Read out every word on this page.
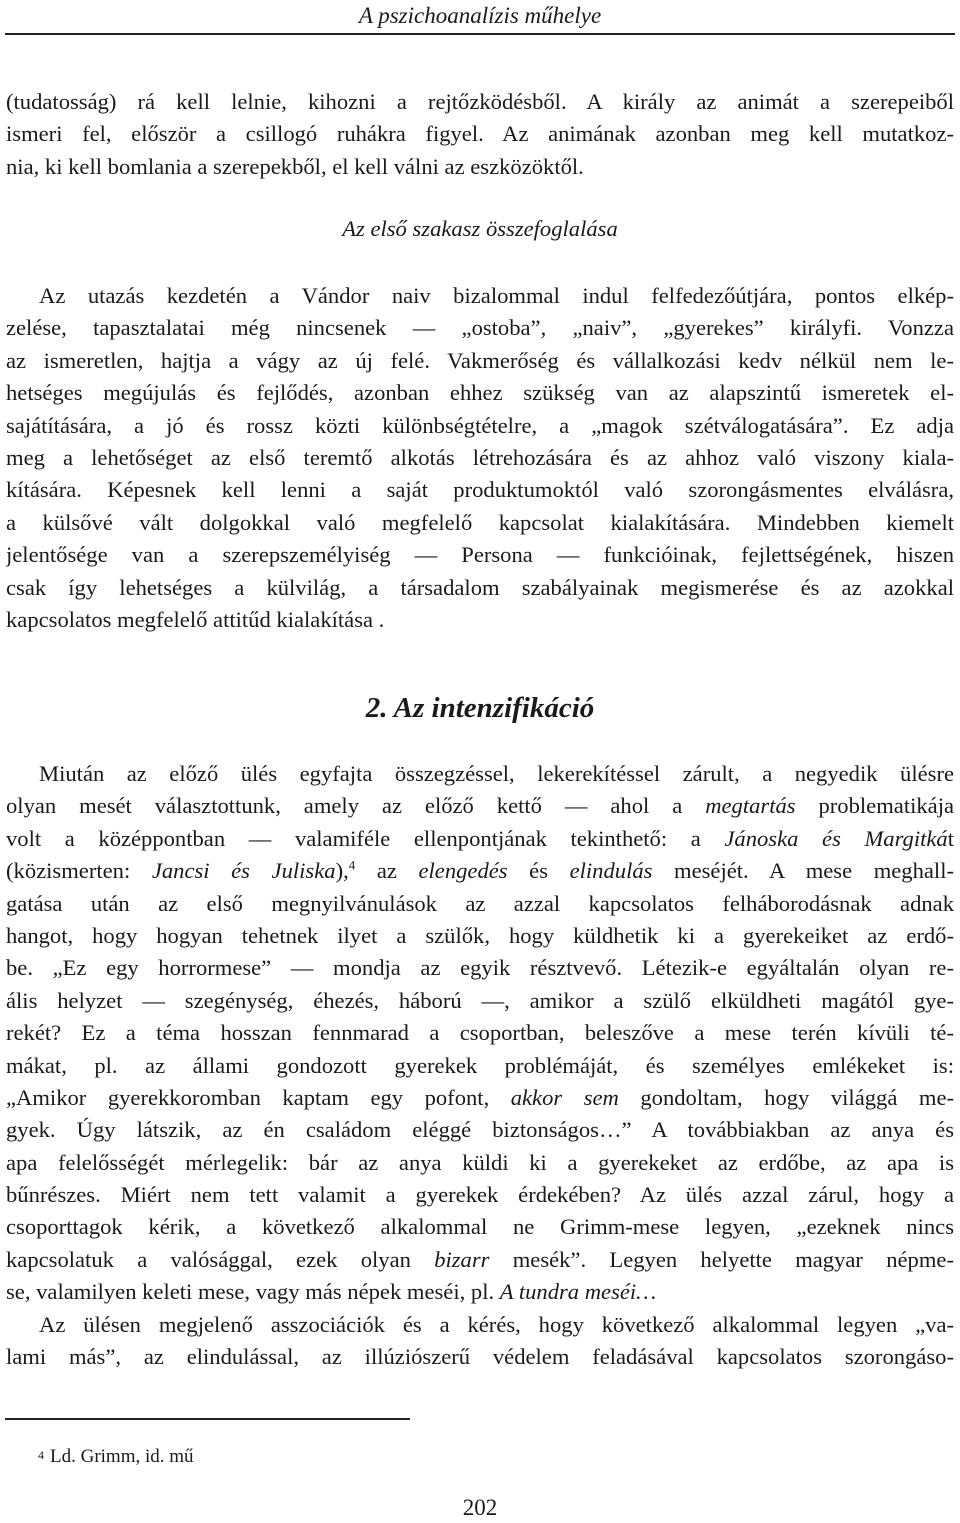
A pszichoanalízis műhelye
(tudatosság) rá kell lelnie, kihozni a rejtőzködésből. A király az animát a szerepeiből
ismeri fel, először a csillogó ruhákra figyel. Az animának azonban meg kell mutatkoz-
nia, ki kell bomlania a szerepekből, el kell válni az eszközöktől.
Az első szakasz összefoglalása
Az utazás kezdetén a Vándor naiv bizalommal indul felfedezőútjára, pontos elkép-
zelése, tapasztalatai még nincsenek — „ostoba”, „naiv”, „gyerekes” királyfi. Vonzza
az ismeretlen, hajtja a vágy az új felé. Vakmerőség és vállalkozási kedv nélkül nem le-
hetséges megújulás és fejlődés, azonban ehhez szükség van az alapszintű ismeretek el-
sajátítására, a jó és rossz közti különbségtételre, a „magok szétválogatására”. Ez adja
meg a lehetőséget az első teremtő alkotás létrehozására és az ahhoz való viszony kiala-
kítására. Képesnek kell lenni a saját produktumoktól való szorongásmentes elválásra,
a külsővé vált dolgokkal való megfelelő kapcsolat kialakítására. Mindebben kiemelt
jelentősége van a szerepszemélyiség — Persona — funkcióinak, fejlettségének, hiszen
csak így lehetséges a külvilág, a társadalom szabályainak megismerése és az azokkal
kapcsolatos megfelelő attitűd kialakítása .
2. Az intenzifikáció
Miután az előző ülés egyfajta összegzéssel, lekerekítéssel zárult, a negyedik ülésre
olyan mesét választottunk, amely az előző kettő — ahol a megtartás problematikája
volt a középpontban — valamiféle ellenpontjának tekinthető: a Jánoska és Margitkát
(közismerten: Jancsi és Juliska),$^4$ az elengedés és elindulás meséjét. A mese meghall-
gatása után az első megnyilvánulások az azzal kapcsolatos felháborodásnak adnak
hangot, hogy hogyan tehetnek ilyet a szülők, hogy küldhetik ki a gyerekeiket az erdő-
be. „Ez egy horrormese” — mondja az egyik résztvevő. Létezik-e egyáltalán olyan re-
ális helyzet — szegénység, éhezés, háború —, amikor a szülő elküldheti magától gye-
rekét? Ez a téma hosszan fennmarad a csoportban, beleszőve a mese terén kívüli té-
mákat, pl. az állami gondozott gyerekek problémáját, és személyes emlékeket is:
„Amikor gyerekkoromban kaptam egy pofont, akkor sem gondoltam, hogy világgá me-
gyek. Úgy látszik, az én családom eléggé biztonságos…” A továbbiakban az anya és
apa felelősségét mérlegelik: bár az anya küldi ki a gyerekeket az erdőbe, az apa is
bűnrészes. Miért nem tett valamit a gyerekek érdekében? Az ülés azzal zárul, hogy a
csoporttagok kérik, a következő alkalommal ne Grimm-mese legyen, „ezeknek nincs
kapcsolatuk a valósággal, ezek olyan bizarr mesék”. Legyen helyette magyar népme-
se, valamilyen keleti mese, vagy más népek meséi, pl. A tundra meséi…
Az ülésen megjelenő asszociációk és a kérés, hogy következő alkalommal legyen „va-
lami más”, az elindulással, az illúziószerű védelem feladásával kapcsolatos szorongáso-
$^4$ Ld. Grimm, id. mű
202
